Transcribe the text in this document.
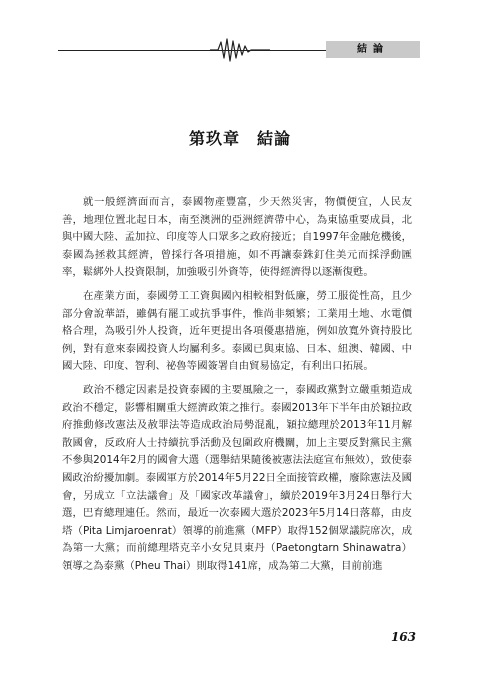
結論
第玖章　結論

就一般經濟面而言，泰國物產豐富，少天然災害，物價便宜，人民友善，地理位置北起日本，南至澳洲的亞洲經濟帶中心，為東協重要成員，北與中國大陸、孟加拉、印度等人口眾多之政府接近；自1997年金融危機後，泰國為拯救其經濟，曾採行各項措施，如不再讓泰銖釘住美元而採浮動匯率，鬆綁外人投資限制，加強吸引外資等，使得經濟得以逐漸復甦。

在產業方面，泰國勞工工資與國內相較相對低廉，勞工服從性高，且少部分會說華語，雖偶有罷工或抗爭事件，惟尚非頻繁；工業用土地、水電價格合理，為吸引外人投資，近年更提出各項優惠措施，例如放寬外資持股比例，對有意來泰國投資人均屬利多。泰國已與東協、日本、紐澳、韓國、中國大陸、印度、智利、祕魯等國簽署自由貿易協定，有利出口拓展。

政治不穩定因素是投資泰國的主要風險之一，泰國政黨對立嚴重頻造成政治不穩定，影響相關重大經濟政策之推行。泰國2013年下半年由於穎拉政府推動修改憲法及赦罪法等造成政治局勢混亂，穎拉總理於2013年11月解散國會，反政府人士持續抗爭活動及包圍政府機關，加上主要反對黨民主黨不參與2014年2月的國會大選（選舉結果隨後被憲法法庭宣布無效），致使泰國政治紛擾加劇。泰國軍方於2014年5月22日全面接管政權，廢除憲法及國會，另成立「立法議會」及「國家改革議會」，續於2019年3月24日舉行大選，巴育總理連任。然而，最近一次泰國大選於2023年5月14日落幕，由皮塔（Pita Limjaroenrat）領導的前進黨（MFP）取得152個眾議院席次，成為第一大黨；而前總理塔克辛小女兒貝東丹（Paetongtarn Shinawatra）領導之為泰黨（Pheu Thai）則取得141席，成為第二大黨，目前前進

163
